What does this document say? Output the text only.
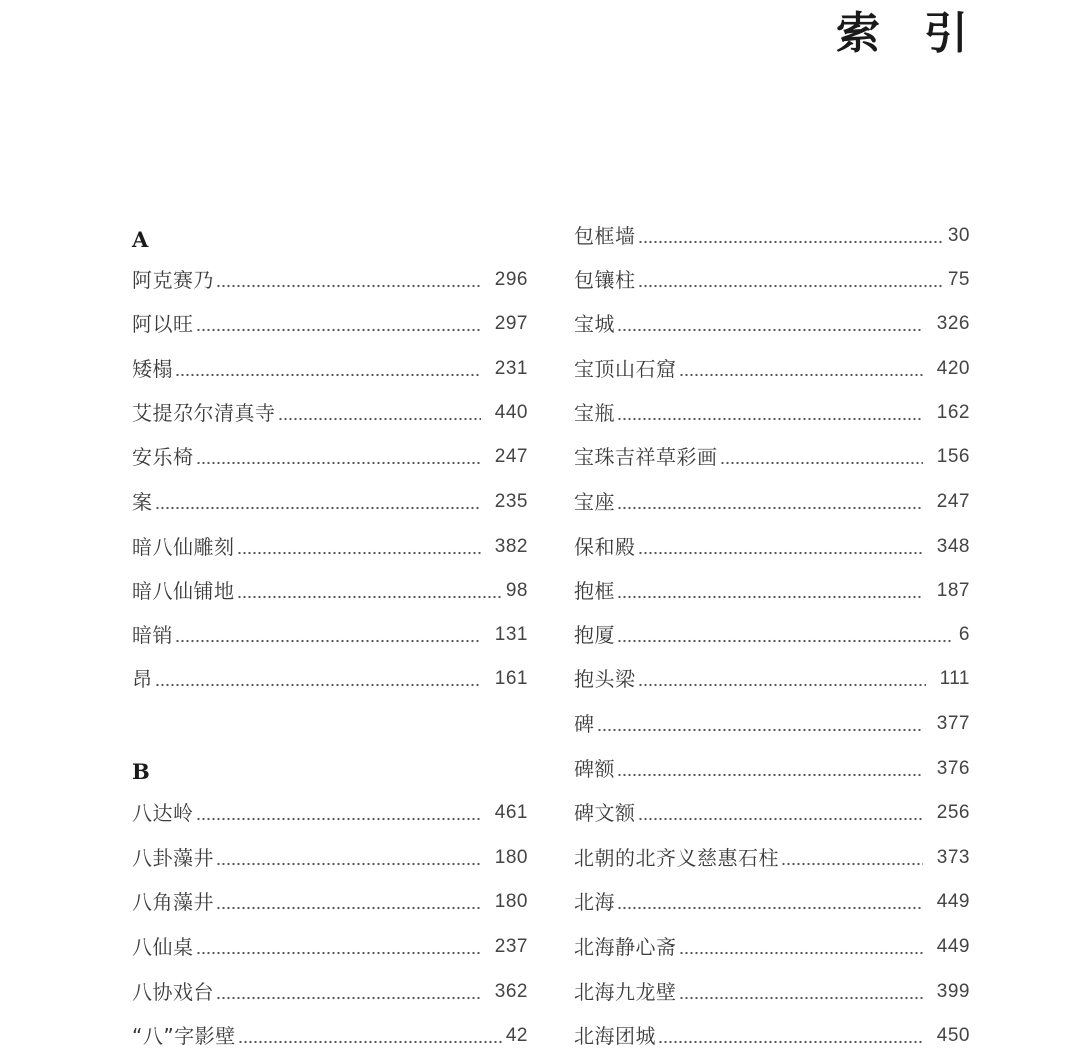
索 引
A
阿克赛乃	296
阿以旺	297
矮榻	231
艾提尕尔清真寺	440
安乐椅	247
案	235
暗八仙雕刻	382
暗八仙铺地	98
暗销	131
昂	161
B
八达岭	461
八卦藻井	180
八角藻井	180
八仙桌	237
八协戏台	362
“八”字影壁	42
包框墙	30
包镶柱	75
宝城	326
宝顶山石窟	420
宝瓶	162
宝珠吉祥草彩画	156
宝座	247
保和殿	348
抱框	187
抱厦	6
抱头梁	111
碑	377
碑额	376
碑文额	256
北朝的北齐义慈惠石柱	373
北海	449
北海静心斋	449
北海九龙壁	399
北海团城	450
